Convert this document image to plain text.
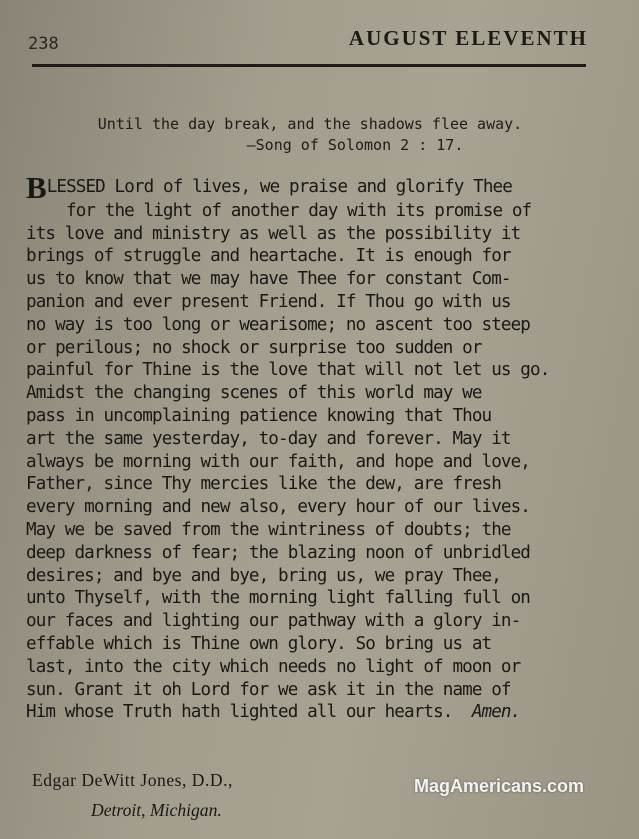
238	AUGUST ELEVENTH
Until the day break, and the shadows flee away.
—Song of Solomon 2 : 17.
BLESSED Lord of lives, we praise and glorify Thee
for the light of another day with its promise of
its love and ministry as well as the possibility it
brings of struggle and heartache. It is enough for
us to know that we may have Thee for constant Com-
panion and ever present Friend. If Thou go with us
no way is too long or wearisome; no ascent too steep
or perilous; no shock or surprise too sudden or
painful for Thine is the love that will not let us go.
Amidst the changing scenes of this world may we
pass in uncomplaining patience knowing that Thou
art the same yesterday, to-day and forever. May it
always be morning with our faith, and hope and love,
Father, since Thy mercies like the dew, are fresh
every morning and new also, every hour of our lives.
May we be saved from the wintriness of doubts; the
deep darkness of fear; the blazing noon of unbridled
desires; and bye and bye, bring us, we pray Thee,
unto Thyself, with the morning light falling full on
our faces and lighting our pathway with a glory in-
effable which is Thine own glory. So bring us at
last, into the city which needs no light of moon or
sun. Grant it oh Lord for we ask it in the name of
Him whose Truth hath lighted all our hearts. Amen.
Edgar DeWitt Jones, D.D.,
Detroit, Michigan.
MagAmericans.com
